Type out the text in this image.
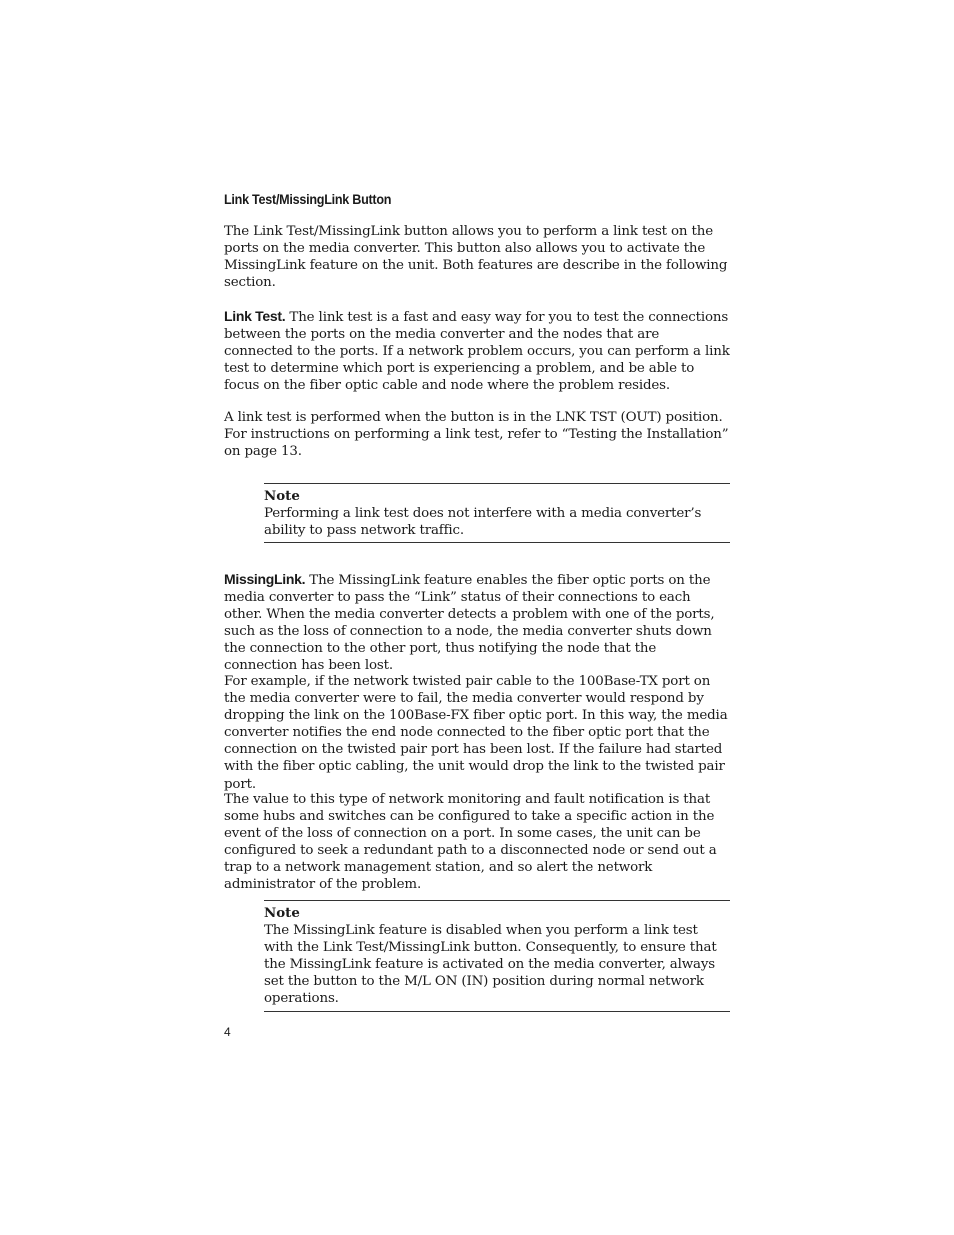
Link Test/MissingLink Button

The Link Test/MissingLink button allows you to perform a link test on the ports on the media converter. This button also allows you to activate the MissingLink feature on the unit. Both features are describe in the following section.

Link Test. The link test is a fast and easy way for you to test the connections between the ports on the media converter and the nodes that are connected to the ports. If a network problem occurs, you can perform a link test to determine which port is experiencing a problem, and be able to focus on the fiber optic cable and node where the problem resides.

A link test is performed when the button is in the LNK TST (OUT) position. For instructions on performing a link test, refer to “Testing the Installation” on page 13.

Note
Performing a link test does not interfere with a media converter’s ability to pass network traffic.

MissingLink. The MissingLink feature enables the fiber optic ports on the media converter to pass the “Link” status of their connections to each other. When the media converter detects a problem with one of the ports, such as the loss of connection to a node, the media converter shuts down the connection to the other port, thus notifying the node that the connection has been lost.

For example, if the network twisted pair cable to the 100Base-TX port on the media converter were to fail, the media converter would respond by dropping the link on the 100Base-FX fiber optic port. In this way, the media converter notifies the end node connected to the fiber optic port that the connection on the twisted pair port has been lost. If the failure had started with the fiber optic cabling, the unit would drop the link to the twisted pair port.

The value to this type of network monitoring and fault notification is that some hubs and switches can be configured to take a specific action in the event of the loss of connection on a port. In some cases, the unit can be configured to seek a redundant path to a disconnected node or send out a trap to a network management station, and so alert the network administrator of the problem.

Note
The MissingLink feature is disabled when you perform a link test with the Link Test/MissingLink button. Consequently, to ensure that the MissingLink feature is activated on the media converter, always set the button to the M/L ON (IN) position during normal network operations.
4
